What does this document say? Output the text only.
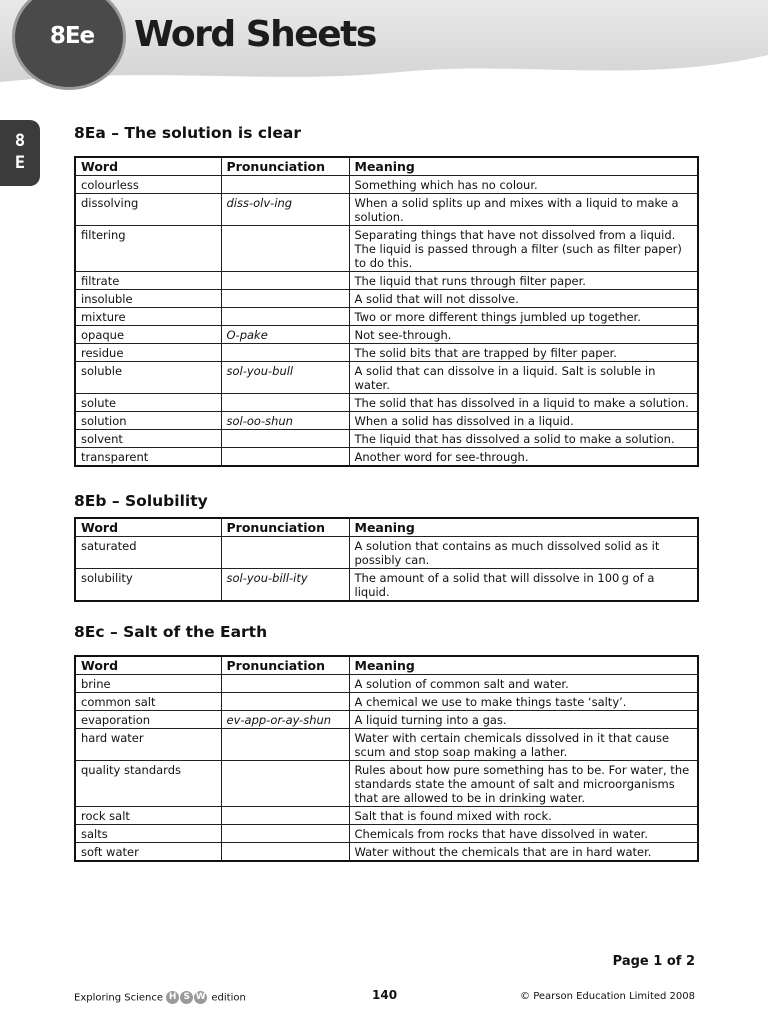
8Ee	Word Sheets
8
E
8Ea – The solution is clear
Word	Pronunciation	Meaning
colourless		Something which has no colour.
dissolving	diss-olv-ing	When a solid splits up and mixes with a liquid to make a solution.
filtering		Separating things that have not dissolved from a liquid. The liquid is passed through a filter (such as filter paper) to do this.
filtrate		The liquid that runs through filter paper.
insoluble		A solid that will not dissolve.
mixture		Two or more different things jumbled up together.
opaque	O-pake	Not see-through.
residue		The solid bits that are trapped by filter paper.
soluble	sol-you-bull	A solid that can dissolve in a liquid. Salt is soluble in water.
solute		The solid that has dissolved in a liquid to make a solution.
solution	sol-oo-shun	When a solid has dissolved in a liquid.
solvent		The liquid that has dissolved a solid to make a solution.
transparent		Another word for see-through.
8Eb – Solubility
Word	Pronunciation	Meaning
saturated		A solution that contains as much dissolved solid as it possibly can.
solubility	sol-you-bill-ity	The amount of a solid that will dissolve in 100 g of a liquid.
8Ec – Salt of the Earth
Word	Pronunciation	Meaning
brine		A solution of common salt and water.
common salt		A chemical we use to make things taste ‘salty’.
evaporation	ev-app-or-ay-shun	A liquid turning into a gas.
hard water		Water with certain chemicals dissolved in it that cause scum and stop soap making a lather.
quality standards		Rules about how pure something has to be. For water, the standards state the amount of salt and microorganisms that are allowed to be in drinking water.
rock salt		Salt that is found mixed with rock.
salts		Chemicals from rocks that have dissolved in water.
soft water		Water without the chemicals that are in hard water.
Page 1 of 2
Exploring Science H S W edition	140	© Pearson Education Limited 2008
